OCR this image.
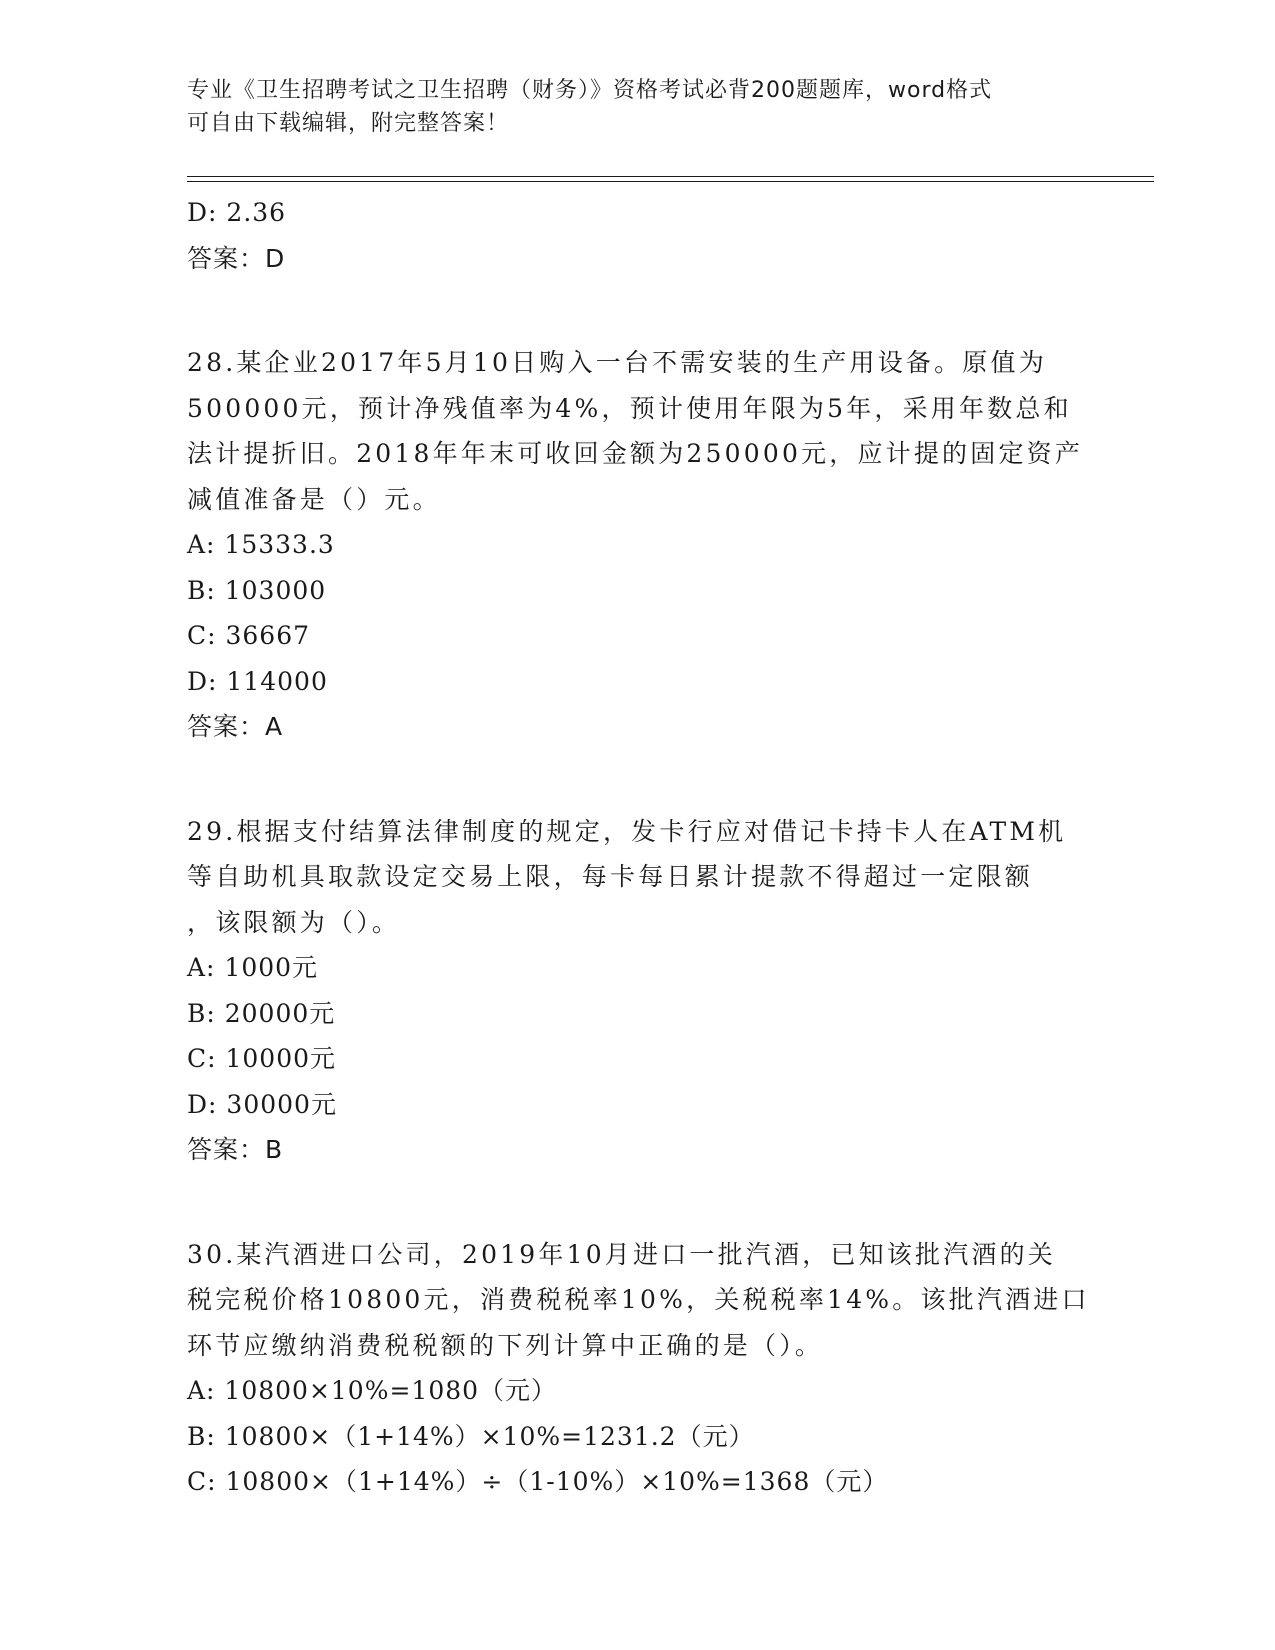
专业《卫生招聘考试之卫生招聘（财务）》资格考试必背200题题库，word格式
可自由下载编辑，附完整答案！
D: 2.36
答案：D
28.某企业2017年5月10日购入一台不需安装的生产用设备。原值为
500000元，预计净残值率为4%，预计使用年限为5年，采用年数总和
法计提折旧。2018年年末可收回金额为250000元，应计提的固定资产
减值准备是（）元。
A: 15333.3
B: 103000
C: 36667
D: 114000
答案：A
29.根据支付结算法律制度的规定，发卡行应对借记卡持卡人在ATM机
等自助机具取款设定交易上限，每卡每日累计提款不得超过一定限额
，该限额为（）。
A: 1000元
B: 20000元
C: 10000元
D: 30000元
答案：B
30.某汽酒进口公司，2019年10月进口一批汽酒，已知该批汽酒的关
税完税价格10800元，消费税税率10%，关税税率14%。该批汽酒进口
环节应缴纳消费税税额的下列计算中正确的是（）。
A: 10800×10%=1080（元）
B: 10800×（1+14%）×10%=1231.2（元）
C: 10800×（1+14%）÷（1-10%）×10%=1368（元）
